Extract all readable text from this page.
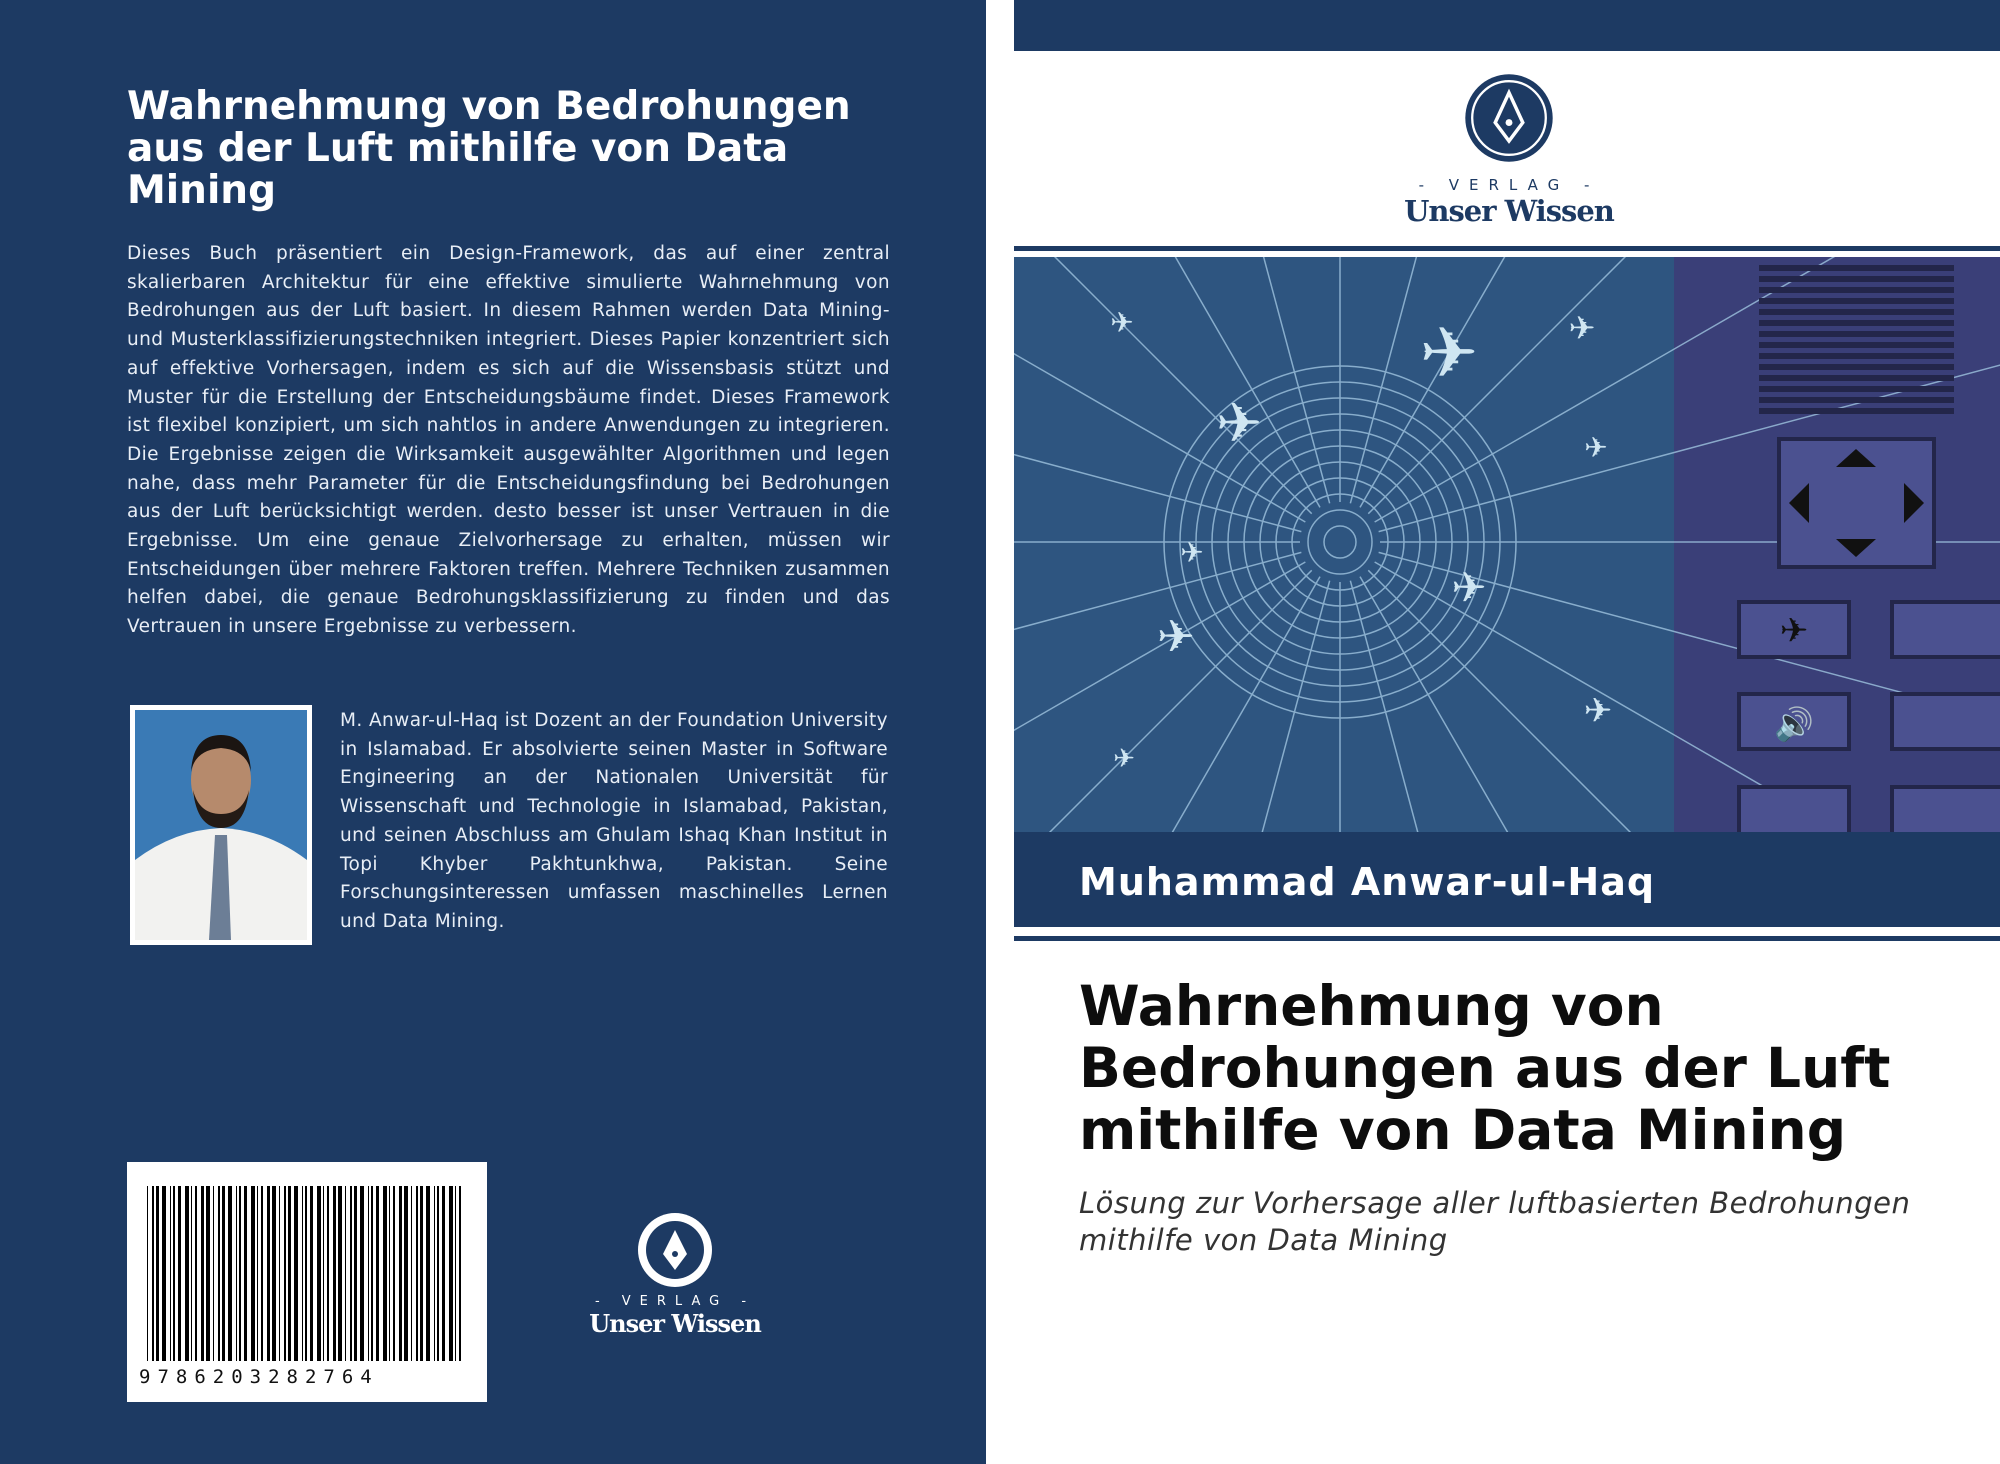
Wahrnehmung von Bedrohungen aus der Luft mithilfe von Data Mining
Dieses Buch präsentiert ein Design-Framework, das auf einer zentral skalierbaren Architektur für eine effektive simulierte Wahrnehmung von Bedrohungen aus der Luft basiert. In diesem Rahmen werden Data Mining- und Musterklassifizierungstechniken integriert. Dieses Papier konzentriert sich auf effektive Vorhersagen, indem es sich auf die Wissensbasis stützt und Muster für die Erstellung der Entscheidungsbäume findet. Dieses Framework ist flexibel konzipiert, um sich nahtlos in andere Anwendungen zu integrieren. Die Ergebnisse zeigen die Wirksamkeit ausgewählter Algorithmen und legen nahe, dass mehr Parameter für die Entscheidungsfindung bei Bedrohungen aus der Luft berücksichtigt werden. desto besser ist unser Vertrauen in die Ergebnisse. Um eine genaue Zielvorhersage zu erhalten, müssen wir Entscheidungen über mehrere Faktoren treffen. Mehrere Techniken zusammen helfen dabei, die genaue Bedrohungsklassifizierung zu finden und das Vertrauen in unsere Ergebnisse zu verbessern.
M. Anwar-ul-Haq ist Dozent an der Foundation University in Islamabad. Er absolvierte seinen Master in Software Engineering an der Nationalen Universität für Wissenschaft und Technologie in Islamabad, Pakistan, und seinen Abschluss am Ghulam Ishaq Khan Institut in Topi Khyber Pakhtunkhwa, Pakistan. Seine Forschungsinteressen umfassen maschinelles Lernen und Data Mining.
9786203282764
- VERLAG -
Unser Wissen
- VERLAG -
Unser Wissen
✈
🔊
✈	✈
✈
✈
✈
✈
✈
✈
✈
✈
Muhammad Anwar-ul-Haq
Wahrnehmung von Bedrohungen aus der Luft mithilfe von Data Mining
Lösung zur Vorhersage aller luftbasierten Bedrohungen mithilfe von Data Mining
